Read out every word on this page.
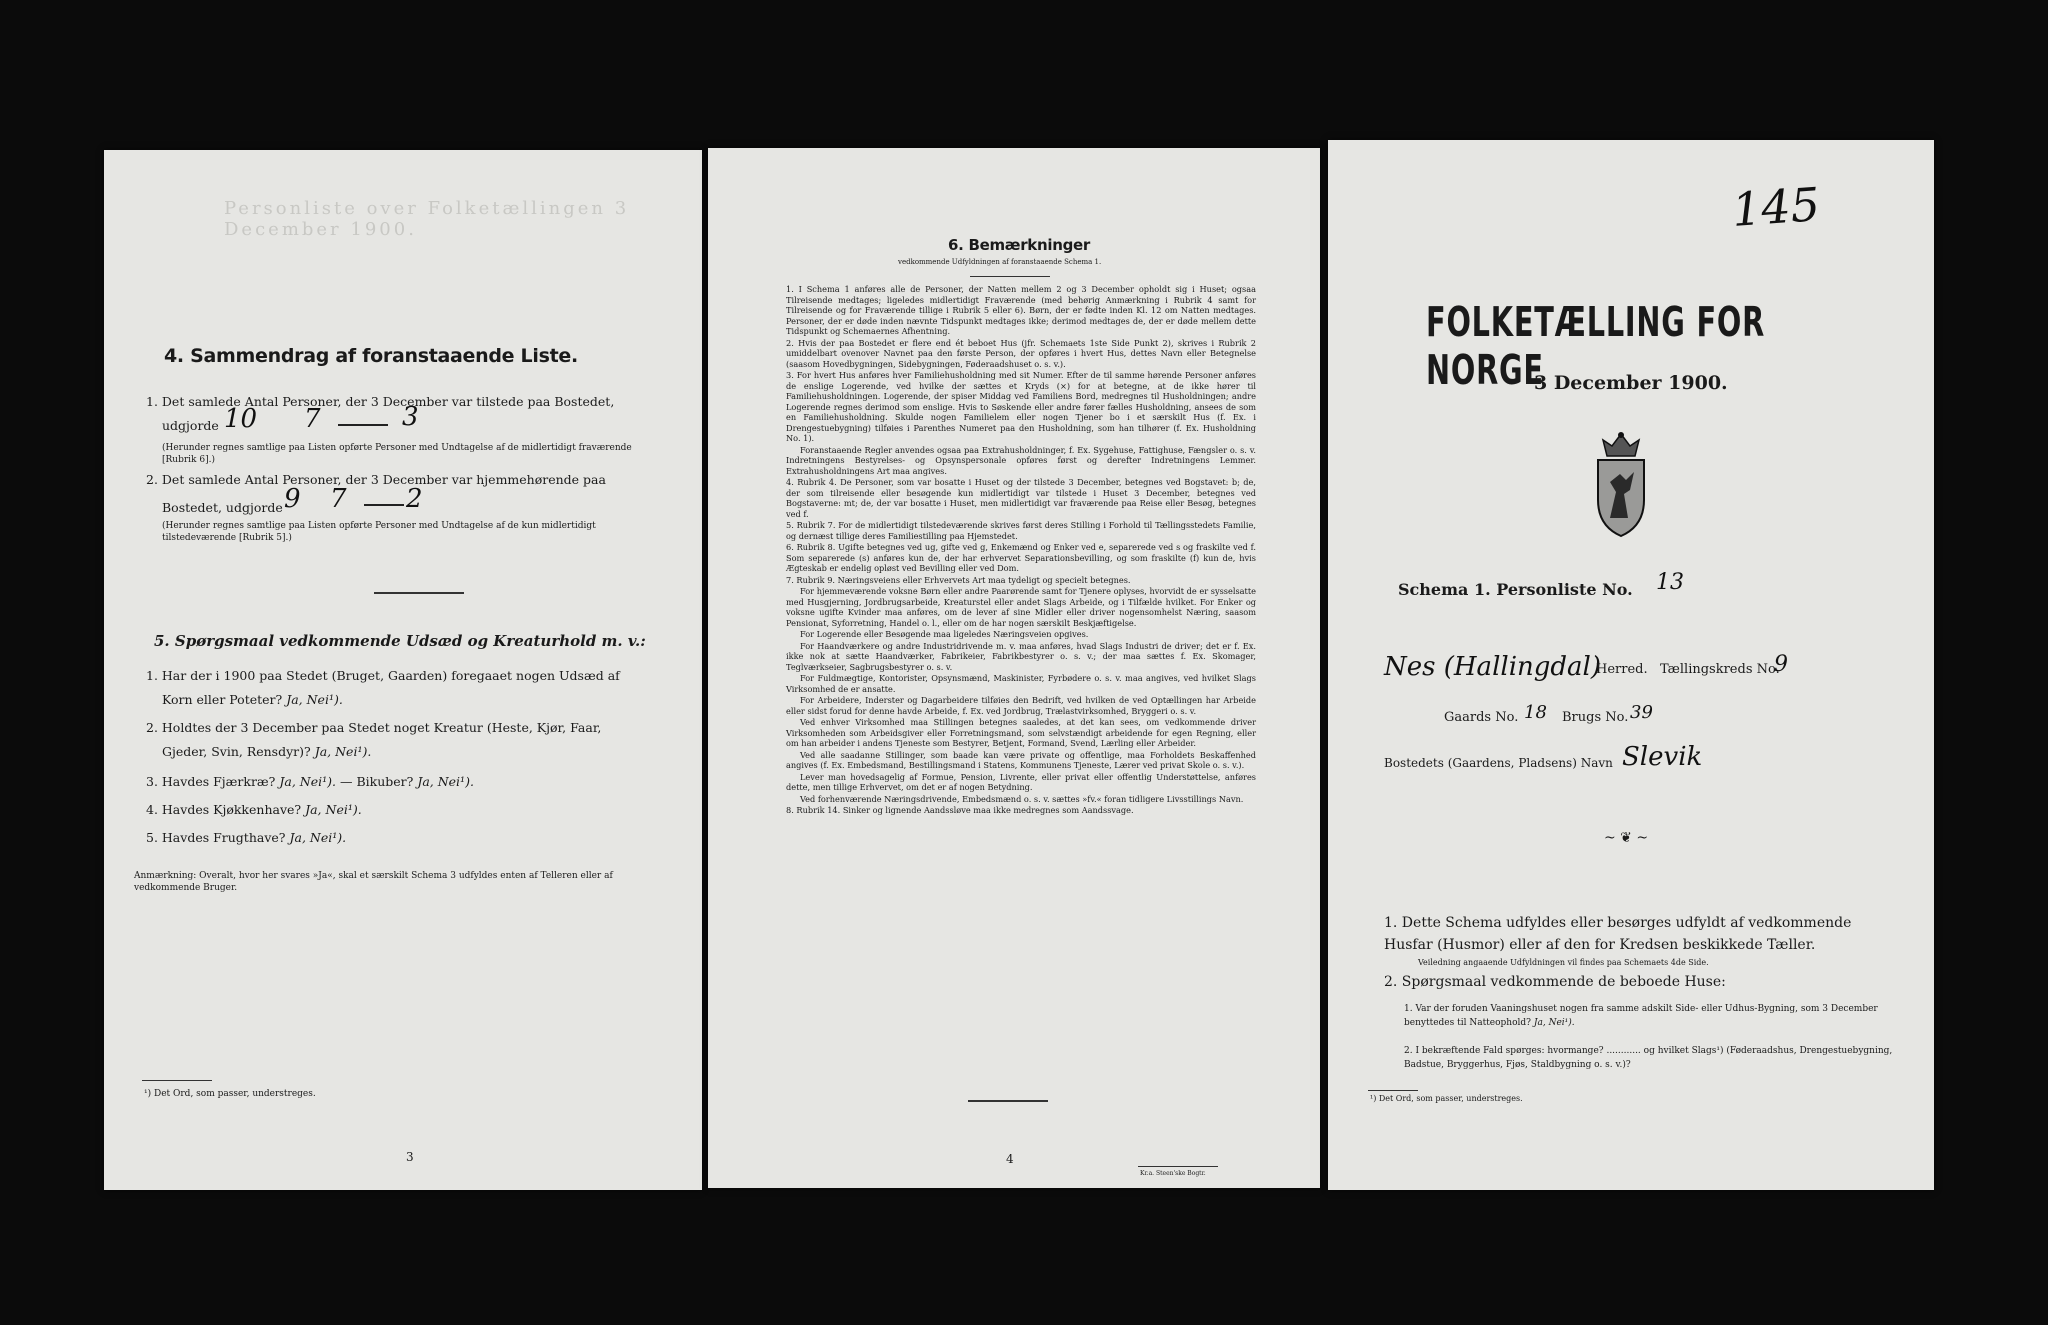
Personliste over Folketællingen 3 December 1900.
4. Sammendrag af foranstaaende Liste.
1. Det samlede Antal Personer, der 3 December var tilstede paa Bostedet,
udgjorde 10 7	3
(Herunder regnes samtlige paa Listen opførte Personer med Undtagelse af de midlertidigt fraværende [Rubrik 6].)
2. Det samlede Antal Personer, der 3 December var hjemmehørende paa
Bostedet, udgjorde 9 7 2
(Herunder regnes samtlige paa Listen opførte Personer med Undtagelse af de kun midlertidigt tilstedeværende [Rubrik 5].)
5. Spørgsmaal vedkommende Udsæd og Kreaturhold m. v.:
1. Har der i 1900 paa Stedet (Bruget, Gaarden) foregaaet nogen Udsæd af
Korn eller Poteter? Ja, Nei¹).
2. Holdtes der 3 December paa Stedet noget Kreatur (Heste, Kjør, Faar,
Gjeder, Svin, Rensdyr)? Ja, Nei¹).
3. Havdes Fjærkræ? Ja, Nei¹). — Bikuber? Ja, Nei¹).
4. Havdes Kjøkkenhave? Ja, Nei¹).
5. Havdes Frugthave? Ja, Nei¹).
Anmærkning: Overalt, hvor her svares »Ja«, skal et særskilt Schema 3 udfyldes enten af Telleren eller af vedkommende Bruger.
¹) Det Ord, som passer, understreges.
3
6. Bemærkninger
vedkommende Udfyldningen af foranstaaende Schema 1.

1. I Schema 1 anføres alle de Personer, der Natten mellem 2 og 3 December opholdt sig i Huset; ogsaa Tilreisende medtages; ligeledes midlertidigt Fraværende (med behørig Anmærkning i Rubrik 4 samt for Tilreisende og for Fraværende tillige i Rubrik 5 eller 6). Børn, der er fødte inden Kl. 12 om Natten medtages. Personer, der er døde inden nævnte Tidspunkt medtages ikke; derimod medtages de, der er døde mellem dette Tidspunkt og Schemaernes Afhentning.

2. Hvis der paa Bostedet er flere end ét beboet Hus (jfr. Schemaets 1ste Side Punkt 2), skrives i Rubrik 2 umiddelbart ovenover Navnet paa den første Person, der opføres i hvert Hus, dettes Navn eller Betegnelse (saasom Hovedbygningen, Sidebygningen, Føderaadshuset o. s. v.).

3. For hvert Hus anføres hver Familiehusholdning med sit Numer. Efter de til samme hørende Personer anføres de enslige Logerende, ved hvilke der sættes et Kryds (×) for at betegne, at de ikke hører til Familiehusholdningen. Logerende, der spiser Middag ved Familiens Bord, medregnes til Husholdningen; andre Logerende regnes derimod som enslige. Hvis to Søskende eller andre fører fælles Husholdning, ansees de som en Familiehusholdning. Skulde nogen Familielem eller nogen Tjener bo i et særskilt Hus (f. Ex. i Drengestuebygning) tilføies i Parenthes Numeret paa den Husholdning, som han tilhører (f. Ex. Husholdning No. 1).

Foranstaaende Regler anvendes ogsaa paa Extrahusholdninger, f. Ex. Sygehuse, Fattighuse, Fængsler o. s. v. Indretningens Bestyrelses- og Opsynspersonale opføres først og derefter Indretningens Lemmer. Extrahusholdningens Art maa angives.

4. Rubrik 4. De Personer, som var bosatte i Huset og der tilstede 3 December, betegnes ved Bogstavet: b; de, der som tilreisende eller besøgende kun midlertidigt var tilstede i Huset 3 December, betegnes ved Bogstaverne: mt; de, der var bosatte i Huset, men midlertidigt var fraværende paa Reise eller Besøg, betegnes ved f.

5. Rubrik 7. For de midlertidigt tilstedeværende skrives først deres Stilling i Forhold til Tællingsstedets Familie, og dernæst tillige deres Familiestilling paa Hjemstedet.

6. Rubrik 8. Ugifte betegnes ved ug, gifte ved g, Enkemænd og Enker ved e, separerede ved s og fraskilte ved f. Som separerede (s) anføres kun de, der har erhvervet Separationsbevilling, og som fraskilte (f) kun de, hvis Ægteskab er endelig opløst ved Bevilling eller ved Dom.

7. Rubrik 9. Næringsveiens eller Erhvervets Art maa tydeligt og specielt betegnes.

For hjemmeværende voksne Børn eller andre Paarørende samt for Tjenere oplyses, hvorvidt de er sysselsatte med Husgjerning, Jordbrugsarbeide, Kreaturstel eller andet Slags Arbeide, og i Tilfælde hvilket. For Enker og voksne ugifte Kvinder maa anføres, om de lever af sine Midler eller driver nogensomhelst Næring, saasom Pensionat, Syforretning, Handel o. l., eller om de har nogen særskilt Beskjæftigelse.

For Logerende eller Besøgende maa ligeledes Næringsveien opgives.

For Haandværkere og andre Industridrivende m. v. maa anføres, hvad Slags Industri de driver; det er f. Ex. ikke nok at sætte Haandværker, Fabrikeier, Fabrikbestyrer o. s. v.; der maa sættes f. Ex. Skomager, Teglværkseier, Sagbrugsbestyrer o. s. v.

For Fuldmægtige, Kontorister, Opsynsmænd, Maskinister, Fyrbødere o. s. v. maa angives, ved hvilket Slags Virksomhed de er ansatte.

For Arbeidere, Inderster og Dagarbeidere tilføies den Bedrift, ved hvilken de ved Optællingen har Arbeide eller sidst forud for denne havde Arbeide, f. Ex. ved Jordbrug, Trælastvirksomhed, Bryggeri o. s. v.

Ved enhver Virksomhed maa Stillingen betegnes saaledes, at det kan sees, om vedkommende driver Virksomheden som Arbeidsgiver eller Forretningsmand, som selvstændigt arbeidende for egen Regning, eller om han arbeider i andens Tjeneste som Bestyrer, Betjent, Formand, Svend, Lærling eller Arbeider.

Ved alle saadanne Stillinger, som baade kan være private og offentlige, maa Forholdets Beskaffenhed angives (f. Ex. Embedsmand, Bestillingsmand i Statens, Kommunens Tjeneste, Lærer ved privat Skole o. s. v.).

Lever man hovedsagelig af Formue, Pension, Livrente, eller privat eller offentlig Understøttelse, anføres dette, men tillige Erhvervet, om det er af nogen Betydning.

Ved forhenværende Næringsdrivende, Embedsmænd o. s. v. sættes »fv.« foran tidligere Livsstillings Navn.

8. Rubrik 14. Sinker og lignende Aandssløve maa ikke medregnes som Aandssvage.

4
Kr.a. Steen'ske Bogtr.
145
FOLKETÆLLING FOR NORGE
3 December 1900.
Schema 1. Personliste No. 13
Nes (Hallingdal)
Herred. Tællingskreds No.
9
Gaards No. 18 Brugs No. 39
Bostedets (Gaardens, Pladsens) Navn Slevik
~ ❦ ~
1. Dette Schema udfyldes eller besørges udfyldt af vedkommende Husfar (Husmor) eller af den for Kredsen beskikkede Tæller.
Veiledning angaaende Udfyldningen vil findes paa Schemaets 4de Side.
2. Spørgsmaal vedkommende de beboede Huse:
1. Var der foruden Vaaningshuset nogen fra samme adskilt Side- eller Udhus-Bygning, som 3 December benyttedes til Natteophold? Ja, Nei¹).
2. I bekræftende Fald spørges: hvormange? ............ og hvilket Slags¹) (Føderaadshus, Drengestuebygning, Badstue, Bryggerhus, Fjøs, Staldbygning o. s. v.)?
¹) Det Ord, som passer, understreges.
